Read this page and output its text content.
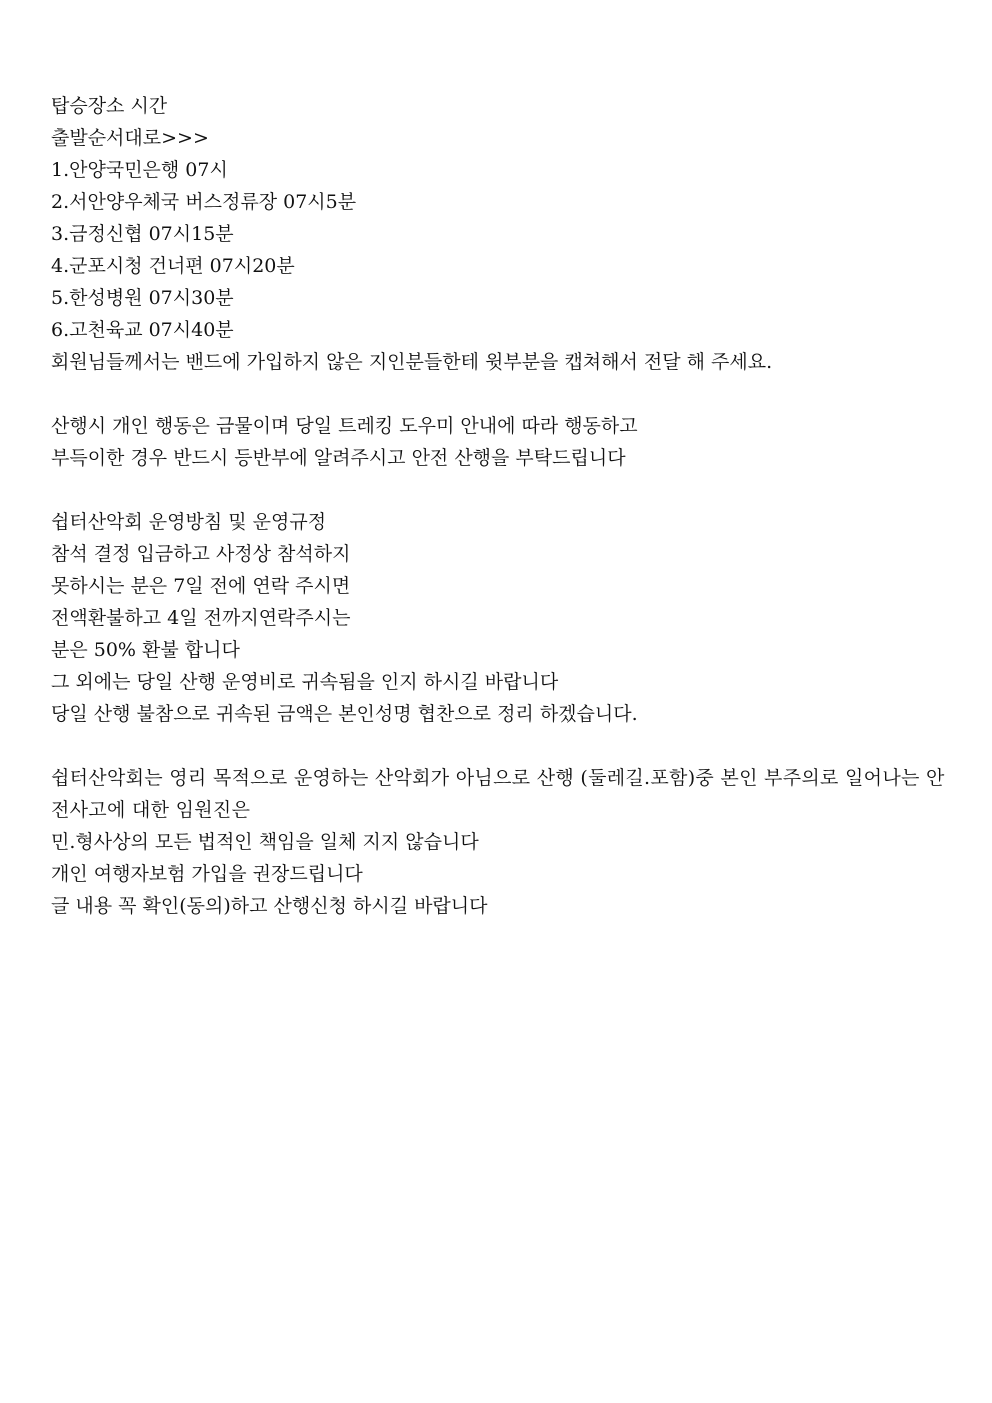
탑승장소 시간
출발순서대로>>>
1.안양국민은행 07시
2.서안양우체국 버스정류장 07시5분
3.금정신협 07시15분
4.군포시청 건너편 07시20분
5.한성병원 07시30분
6.고천육교 07시40분
회원님들께서는 밴드에 가입하지 않은 지인분들한테 윗부분을 캡쳐해서 전달 해 주세요.
산행시 개인 행동은 금물이며 당일 트레킹 도우미 안내에 따라 행동하고
부득이한 경우 반드시 등반부에 알려주시고 안전 산행을 부탁드립니다
쉽터산악회 운영방침 및 운영규정
참석 결정 입금하고 사정상 참석하지
못하시는 분은 7일 전에 연락 주시면
전액환불하고 4일 전까지연락주시는
분은 50% 환불 합니다
그 외에는 당일 산행 운영비로 귀속됨을 인지 하시길 바랍니다
당일 산행 불참으로 귀속된 금액은 본인성명 협찬으로 정리 하겠습니다.
쉽터산악회는 영리 목적으로 운영하는 산악회가 아님으로 산행 (둘레길.포함)중 본인 부주의로 일어나는 안전사고에 대한 임원진은
민.형사상의 모든 법적인 책임을 일체 지지 않습니다
개인 여행자보험 가입을 권장드립니다
글 내용 꼭 확인(동의)하고 산행신청 하시길 바랍니다
